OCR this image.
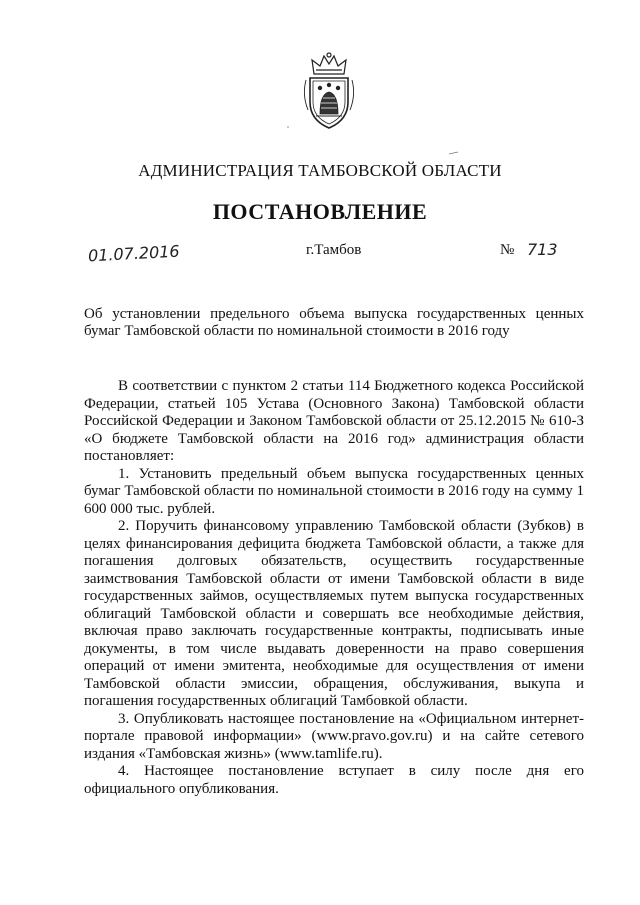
АДМИНИСТРАЦИЯ ТАМБОВСКОЙ ОБЛАСТИ
ПОСТАНОВЛЕНИЕ
01.07.2016	г.Тамбов	№ 713
Об установлении предельного объема выпуска государственных ценных бумаг Тамбовской области по номинальной стоимости в 2016 году

В соответствии с пунктом 2 статьи 114 Бюджетного кодекса Российской Федерации, статьей 105 Устава (Основного Закона) Тамбовской области Российской Федерации и Законом Тамбовской области от 25.12.2015 № 610-З «О бюджете Тамбовской области на 2016 год» администрация области постановляет:

1. Установить предельный объем выпуска государственных ценных бумаг Тамбовской области по номинальной стоимости в 2016 году на сумму 1 600 000 тыс. рублей.

2. Поручить финансовому управлению Тамбовской области (Зубков) в целях финансирования дефицита бюджета Тамбовской области, а также для погашения долговых обязательств, осуществить государственные заимствования Тамбовской области от имени Тамбовской области в виде государственных займов, осуществляемых путем выпуска государственных облигаций Тамбовской области и совершать все необходимые действия, включая право заключать государственные контракты, подписывать иные документы, в том числе выдавать доверенности на право совершения операций от имени эмитента, необходимые для осуществления от имени Тамбовской области эмиссии, обращения, обслуживания, выкупа и погашения государственных облигаций Тамбовкой области.

3. Опубликовать настоящее постановление на «Официальном интернет-портале правовой информации» (www.pravo.gov.ru) и на сайте сетевого издания «Тамбовская жизнь» (www.tamlife.ru).

4. Настоящее постановление вступает в силу после дня его официального опубликования.
